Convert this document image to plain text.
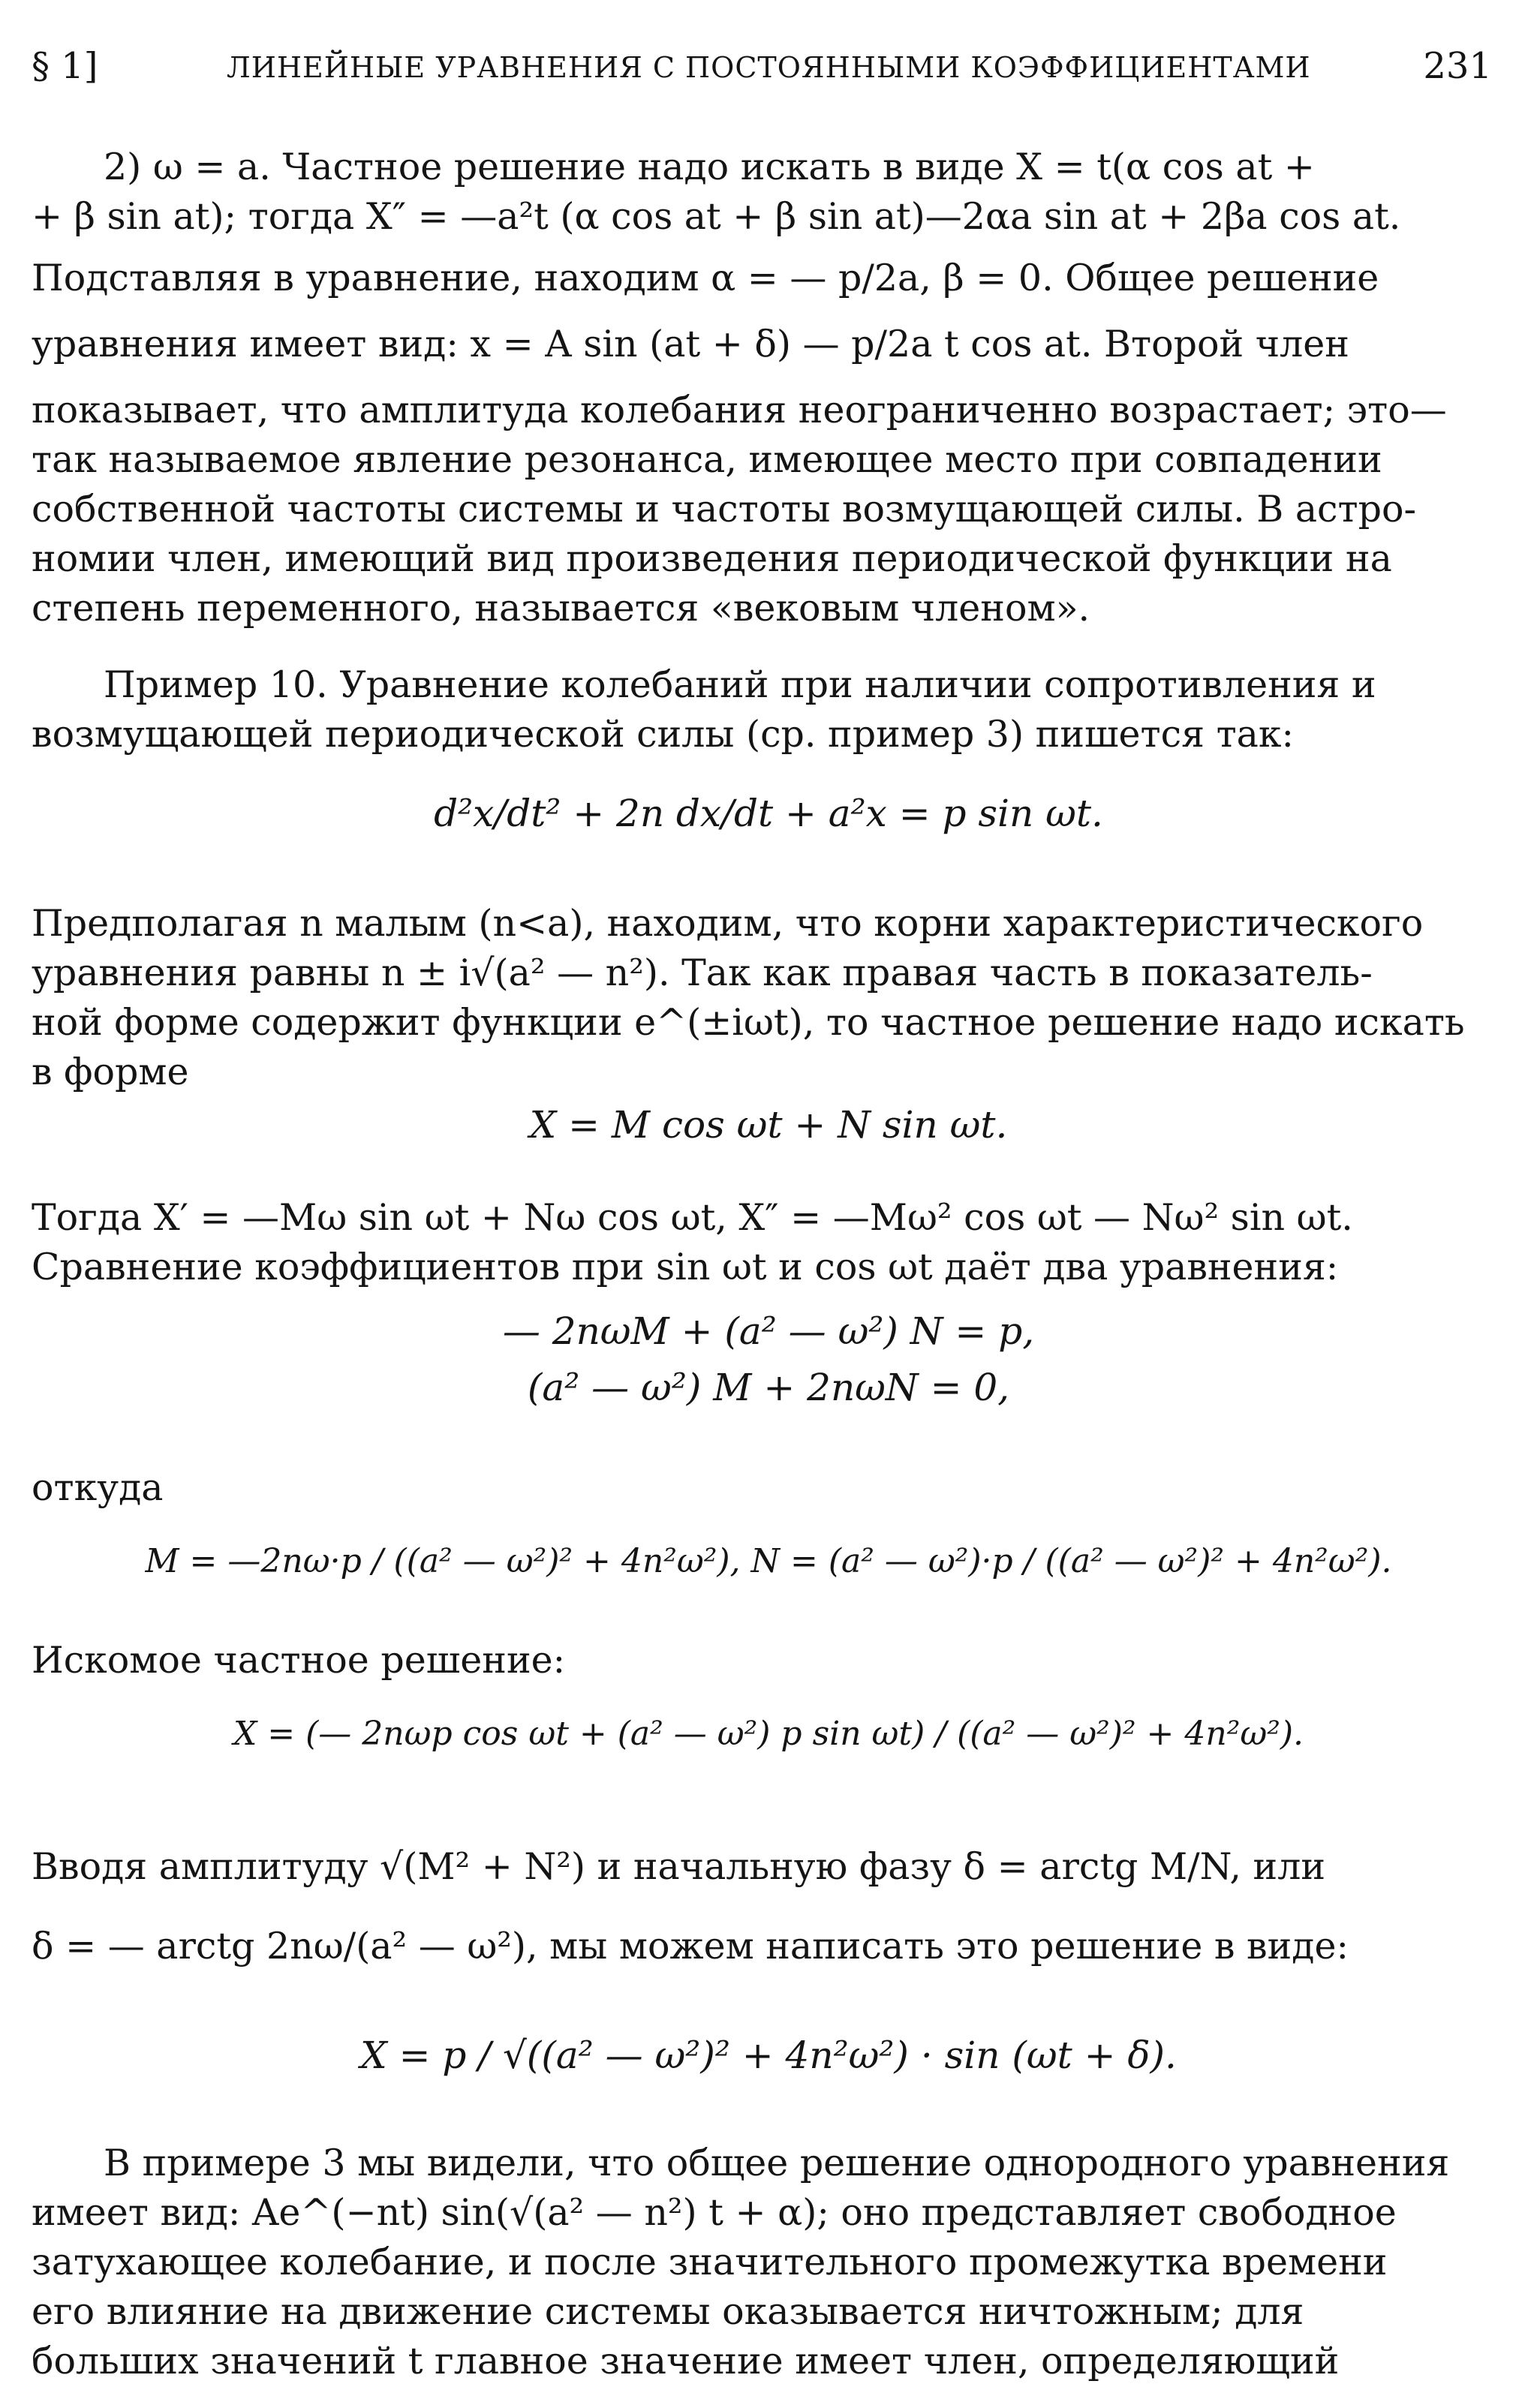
§ 1]	ЛИНЕЙНЫЕ УРАВНЕНИЯ С ПОСТОЯННЫМИ КОЭФФИЦИЕНТАМИ	231
2) ω = a. Частное решение надо искать в виде X = t(α cos at +
+ β sin at); тогда X″ = —a²t (α cos at + β sin at)—2αa sin at + 2βa cos at.
Подставляя в уравнение, находим α = — p/2a, β = 0. Общее решение
уравнения имеет вид: x = A sin (at + δ) — p/2a t cos at. Второй член
показывает, что амплитуда колебания неограниченно возрастает; это—
так называемое явление резонанса, имеющее место при совпадении
собственной частоты системы и частоты возмущающей силы. В астро-
номии член, имеющий вид произведения периодической функции на
степень переменного, называется «вековым членом».
Пример 10. Уравнение колебаний при наличии сопротивления и
возмущающей периодической силы (ср. пример 3) пишется так:
d²x/dt² + 2n dx/dt + a²x = p sin ωt.
Предполагая n малым (n<a), находим, что корни характеристического
уравнения равны n ± i√(a² — n²). Так как правая часть в показатель-
ной форме содержит функции e^(±iωt), то частное решение надо искать
в форме
X = M cos ωt + N sin ωt.
Тогда X′ = —Mω sin ωt + Nω cos ωt, X″ = —Mω² cos ωt — Nω² sin ωt.
Сравнение коэффициентов при sin ωt и cos ωt даёт два уравнения:
— 2nωM + (a² — ω²) N = p,
(a² — ω²) M + 2nωN = 0,
откуда
M = —2nω·p / ((a² — ω²)² + 4n²ω²), N = (a² — ω²)·p / ((a² — ω²)² + 4n²ω²).
Искомое частное решение:
X = (— 2nωp cos ωt + (a² — ω²) p sin ωt) / ((a² — ω²)² + 4n²ω²).
Вводя амплитуду √(M² + N²) и начальную фазу δ = arctg M/N, или
δ = — arctg 2nω/(a² — ω²), мы можем написать это решение в виде:
X = p / √((a² — ω²)² + 4n²ω²) · sin (ωt + δ).
В примере 3 мы видели, что общее решение однородного уравнения
имеет вид: Ae^(−nt) sin(√(a² — n²) t + α); оно представляет свободное
затухающее колебание, и после значительного промежутка времени
его влияние на движение системы оказывается ничтожным; для
больших значений t главное значение имеет член, определяющий
